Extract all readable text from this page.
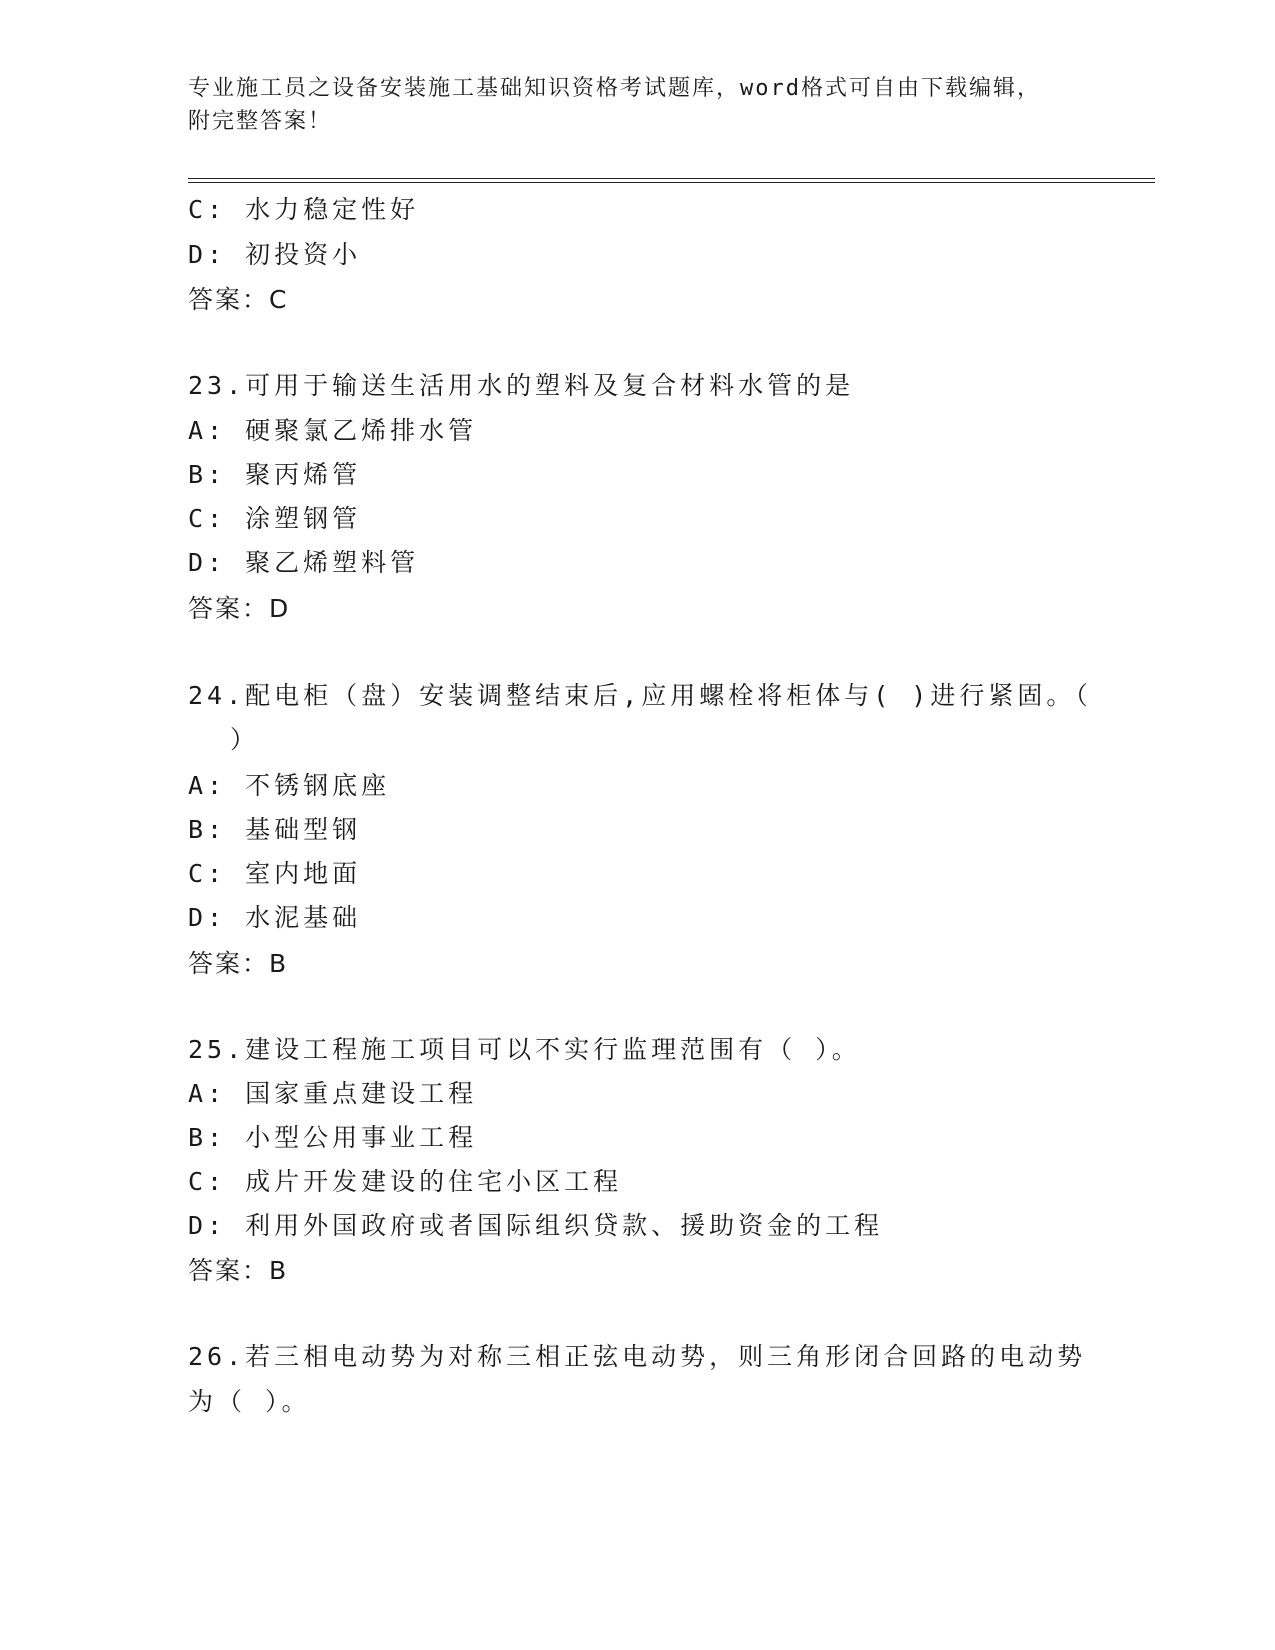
专业施工员之设备安装施工基础知识资格考试题库，word格式可自由下载编辑，
附完整答案！
C: 水力稳定性好
D: 初投资小
答案：C
23.可用于输送生活用水的塑料及复合材料水管的是
A: 硬聚氯乙烯排水管
B: 聚丙烯管
C: 涂塑钢管
D: 聚乙烯塑料管
答案：D
24.配电柜（盘）安装调整结束后,应用螺栓将柜体与( )进行紧固。（
）
A: 不锈钢底座
B: 基础型钢
C: 室内地面
D: 水泥基础
答案：B
25.建设工程施工项目可以不实行监理范围有（ ）。
A: 国家重点建设工程
B: 小型公用事业工程
C: 成片开发建设的住宅小区工程
D: 利用外国政府或者国际组织贷款、援助资金的工程
答案：B
26.若三相电动势为对称三相正弦电动势，则三角形闭合回路的电动势
为（ ）。
